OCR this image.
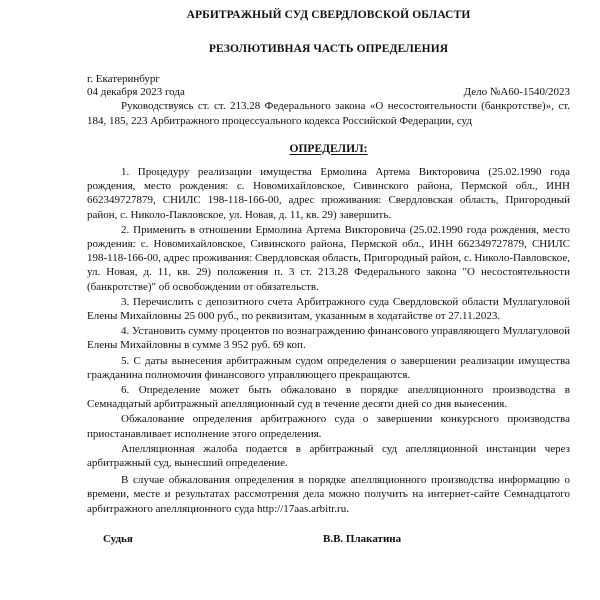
АРБИТРАЖНЫЙ СУД СВЕРДЛОВСКОЙ ОБЛАСТИ
РЕЗОЛЮТИВНАЯ ЧАСТЬ ОПРЕДЕЛЕНИЯ
г. Екатеринбург
04 декабря 2023 года	Дело №А60-1540/2023

Руководствуясь ст. ст. 213.28 Федерального закона «О несостоятельности (банкротстве)», ст. 184, 185, 223 Арбитражного процессуального кодекса Российской Федерации, суд

ОПРЕДЕЛИЛ:

1. Процедуру реализации имущества Ермолина Артема Викторовича (25.02.1990 года рождения, место рождения: с. Новомихайловское, Сивинского района, Пермской обл., ИНН 662349727879, СНИЛС 198-118-166-00, адрес проживания: Свердловская область, Пригородный район, с. Николо-Павловское, ул. Новая, д. 11, кв. 29) завершить.

2. Применить в отношении Ермолина Артема Викторовича (25.02.1990 года рождения, место рождения: с. Новомихайловское, Сивинского района, Пермской обл., ИНН 662349727879, СНИЛС 198-118-166-00, адрес проживания: Свердловская область, Пригородный район, с. Николо-Павловское, ул. Новая, д. 11, кв. 29) положения п. 3 ст. 213.28 Федерального закона "О несостоятельности (банкротстве)" об освобождении от обязательств.

3. Перечислить с депозитного счета Арбитражного суда Свердловской области Муллагуловой Елены Михайловны 25 000 руб., по реквизитам, указанным в ходатайстве от 27.11.2023.

4. Установить сумму процентов по вознаграждению финансового управляющего Муллагуловой Елены Михайловны в сумме 3 952 руб. 69 коп.

5. С даты вынесения арбитражным судом определения о завершении реализации имущества гражданина полномочия финансового управляющего прекращаются.

6. Определение может быть обжаловано в порядке апелляционного производства в Семнадцатый арбитражный апелляционный суд в течение десяти дней со дня вынесения.

Обжалование определения арбитражного суда о завершении конкурсного производства приостанавливает исполнение этого определения.

Апелляционная жалоба подается в арбитражный суд апелляционной инстанции через арбитражный суд, вынесший определение.

В случае обжалования определения в порядке апелляционного производства информацию о времени, месте и результатах рассмотрения дела можно получить на интернет-сайте Семнадцатого арбитражного апелляционного суда http://17aas.arbitr.ru.

Судья	В.В. Плакатина
